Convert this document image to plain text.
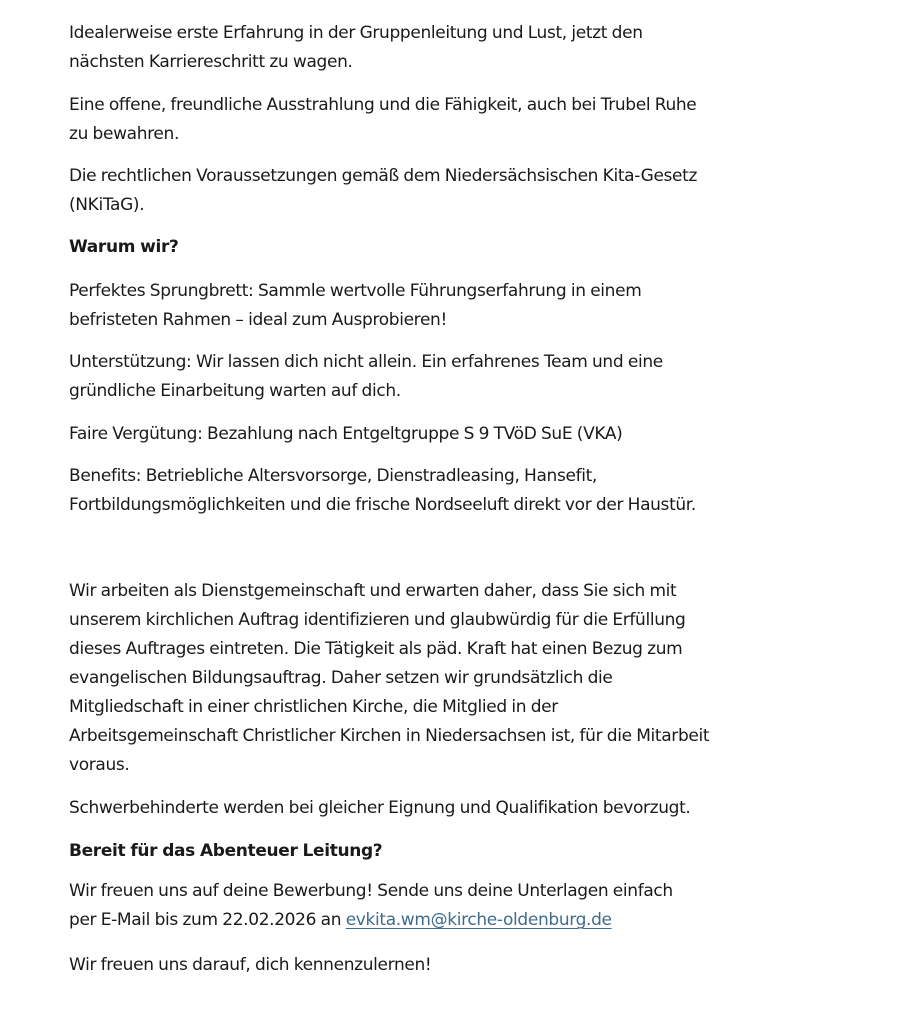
Idealerweise erste Erfahrung in der Gruppenleitung und Lust, jetzt den
nächsten Karriereschritt zu wagen.
Eine offene, freundliche Ausstrahlung und die Fähigkeit, auch bei Trubel Ruhe
zu bewahren.
Die rechtlichen Voraussetzungen gemäß dem Niedersächsischen Kita-Gesetz
(NKiTaG).
Warum wir?
Perfektes Sprungbrett: Sammle wertvolle Führungserfahrung in einem
befristeten Rahmen – ideal zum Ausprobieren!
Unterstützung: Wir lassen dich nicht allein. Ein erfahrenes Team und eine
gründliche Einarbeitung warten auf dich.
Faire Vergütung: Bezahlung nach Entgeltgruppe S 9 TVöD SuE (VKA)
Benefits: Betriebliche Altersvorsorge, Dienstradleasing, Hansefit,
Fortbildungsmöglichkeiten und die frische Nordseeluft direkt vor der Haustür.
Wir arbeiten als Dienstgemeinschaft und erwarten daher, dass Sie sich mit
unserem kirchlichen Auftrag identifizieren und glaubwürdig für die Erfüllung
dieses Auftrages eintreten. Die Tätigkeit als päd. Kraft hat einen Bezug zum
evangelischen Bildungsauftrag. Daher setzen wir grundsätzlich die
Mitgliedschaft in einer christlichen Kirche, die Mitglied in der
Arbeitsgemeinschaft Christlicher Kirchen in Niedersachsen ist, für die Mitarbeit
voraus.
Schwerbehinderte werden bei gleicher Eignung und Qualifikation bevorzugt.
Bereit für das Abenteuer Leitung?
Wir freuen uns auf deine Bewerbung! Sende uns deine Unterlagen einfach
per E-Mail bis zum 22.02.2026 an evkita.wm@kirche-oldenburg.de
Wir freuen uns darauf, dich kennenzulernen!
